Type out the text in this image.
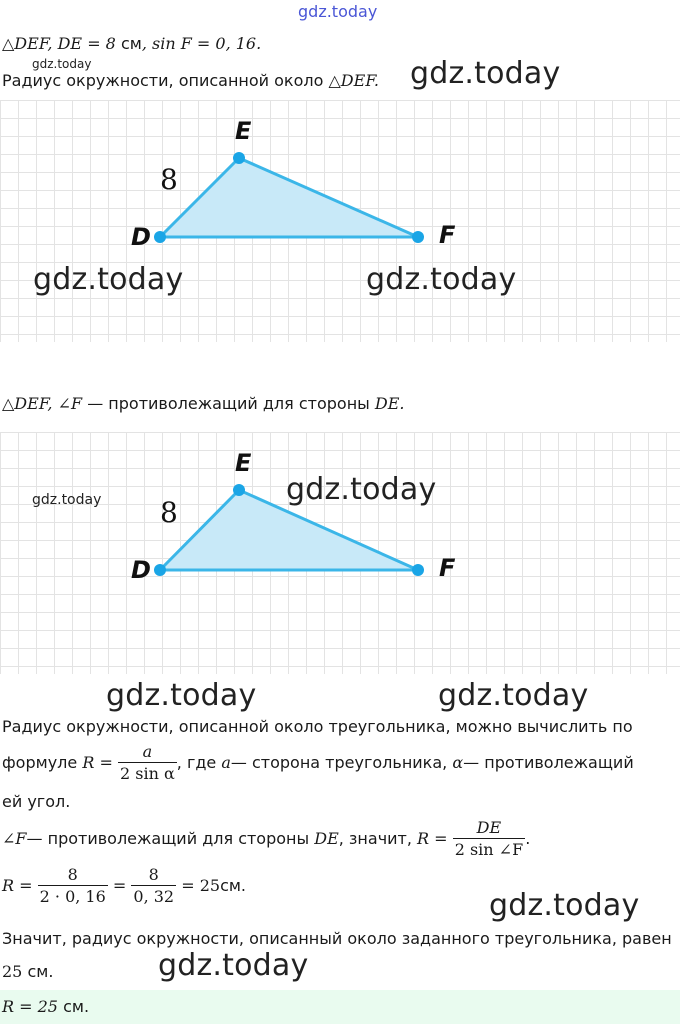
gdz.today
△DEF, DE = 8 см, sin F = 0, 16.
gdz.today
Радиус окружности, описанной около △DEF. gdz.today
E
D	F
8
gdz.today	gdz.today
△DEF, ∠F — противолежащий для стороны DE.
E
D	F
8
gdz.today	gdz.today
gdz.today	gdz.today
Радиус окружности, описанной около треугольника, можно вычислить по
формуле
R =
$\frac{a}{\text{2 sin α}}$ , где
a — сторона треугольника,
α — противолежащий
ей угол.
∠F — противолежащий для стороны
DE , значит,
R =
$\frac{DE}{2 \sin \angle F}$ .
R =
$\frac{8}{2 \cdot 0, 16}$
=
$\frac{8}{0, 32}$
= 25 см.
gdz.today
Значит, радиус окружности, описанный около заданного треугольника, равен
25 см.	gdz.today
R = 25 см.
